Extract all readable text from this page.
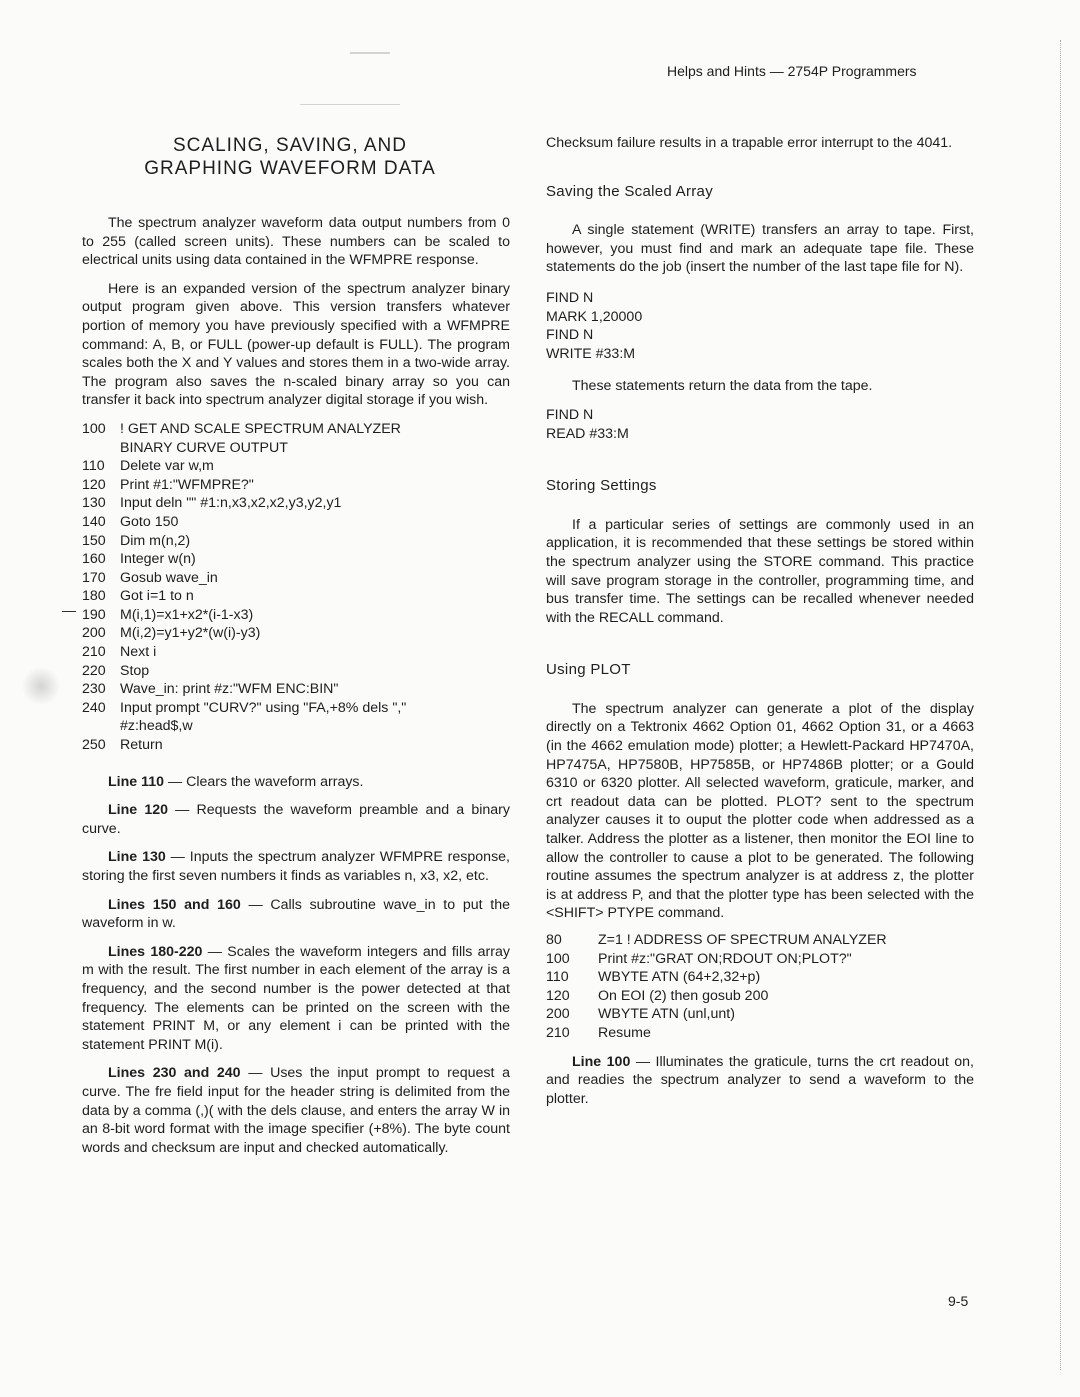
Helps and Hints — 2754P Programmers
SCALING, SAVING, AND
GRAPHING WAVEFORM DATA

The spectrum analyzer waveform data output numbers from 0 to 255 (called screen units). These numbers can be scaled to electrical units using data contained in the WFMPRE response.

Here is an expanded version of the spectrum analyzer binary output program given above. This version transfers whatever portion of memory you have previously specified with a WFMPRE command: A, B, or FULL (power-up default is FULL). The program scales both the X and Y values and stores them in a two-wide array. The program also saves the n-scaled binary array so you can transfer it back into spectrum analyzer digital storage if you wish.

100	! GET AND SCALE SPECTRUM ANALYZER
BINARY CURVE OUTPUT
110	Delete var w,m
120	Print #1:"WFMPRE?"
130	Input deln "" #1:n,x3,x2,x2,y3,y2,y1
140	Goto 150
150	Dim m(n,2)
160	Integer w(n)
170	Gosub wave_in
180	Got i=1 to n
190	M(i,1)=x1+x2*(i-1-x3)
200	M(i,2)=y1+y2*(w(i)-y3)
210	Next i
220	Stop
230	Wave_in: print #z:"WFM ENC:BIN"
240	Input prompt "CURV?" using "FA,+8% dels ","
#z:head$,w
250	Return

Line 110 — Clears the waveform arrays.

Line 120 — Requests the waveform preamble and a binary curve.

Line 130 — Inputs the spectrum analyzer WFMPRE response, storing the first seven numbers it finds as variables n, x3, x2, etc.

Lines 150 and 160 — Calls subroutine wave_in to put the waveform in w.

Lines 180-220 — Scales the waveform integers and fills array m with the result. The first number in each element of the array is a frequency, and the second number is the power detected at that frequency. The elements can be printed on the screen with the statement PRINT M, or any element i can be printed with the statement PRINT M(i).

Lines 230 and 240 — Uses the input prompt to request a curve. The fre field input for the header string is delimited from the data by a comma (,)( with the dels clause, and enters the array W in an 8-bit word format with the image specifier (+8%). The byte count words and checksum are input and checked automatically.

—

Checksum failure results in a trapable error interrupt to the 4041.

Saving the Scaled Array

A single statement (WRITE) transfers an array to tape. First, however, you must find and mark an adequate tape file. These statements do the job (insert the number of the last tape file for N).

FIND N
MARK 1,20000
FIND N
WRITE #33:M

These statements return the data from the tape.

FIND N
READ #33:M
Storing Settings

If a particular series of settings are commonly used in an application, it is recommended that these settings be stored within the spectrum analyzer using the STORE command. This practice will save program storage in the controller, programming time, and bus transfer time. The settings can be recalled whenever needed with the RECALL command.

Using PLOT

The spectrum analyzer can generate a plot of the display directly on a Tektronix 4662 Option 01, 4662 Option 31, or a 4663 (in the 4662 emulation mode) plotter; a Hewlett-Packard HP7470A, HP7475A, HP7580B, HP7585B, or HP7486B plotter; or a Gould 6310 or 6320 plotter. All selected waveform, graticule, marker, and crt readout data can be plotted. PLOT? sent to the spectrum analyzer causes it to ouput the plotter code when addressed as a talker. Address the plotter as a listener, then monitor the EOI line to allow the controller to cause a plot to be generated. The following routine assumes the spectrum analyzer is at address z, the plotter is at address P, and that the plotter type has been selected with the <SHIFT> PTYPE command.

80	Z=1 ! ADDRESS OF SPECTRUM ANALYZER
100	Print #z:"GRAT ON;RDOUT ON;PLOT?"
110	WBYTE ATN (64+2,32+p)
120	On EOI (2) then gosub 200
200	WBYTE ATN (unl,unt)
210	Resume

Line 100 — Illuminates the graticule, turns the crt readout on, and readies the spectrum analyzer to send a waveform to the plotter.

9-5
